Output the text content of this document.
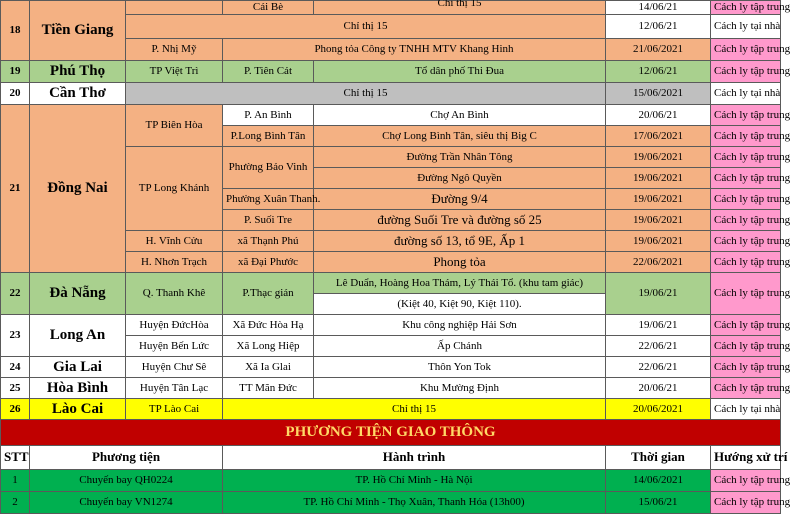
18	Tiền Giang		Cái Bè	Chỉ thị 15	14/06/21	Cách ly tập trung
		Chỉ thị 15			12/06/21	Cách ly tại nhà
		P. Nhị Mỹ	Phong tỏa Công ty TNHH MTV Khang Hinh		21/06/2021	Cách ly tập trung
19	Phú Thọ	TP Việt Trì	P. Tiên Cát	Tổ dân phố Thi Đua	12/06/21	Cách ly tập trung
20	Cần Thơ	Chỉ thị 15			15/06/2021	Cách ly tại nhà
21	Đồng Nai	TP Biên Hòa	P. An Bình	Chợ An Bình	20/06/21	Cách ly tập trung
			P.Long Bình Tân	Chợ Long Bình Tân, siêu thị Big C	17/06/2021	Cách ly tập trung
		TP Long Khánh	Phường Bảo Vinh	Đường Trần Nhân Tông	19/06/2021	Cách ly tập trung
				Đường Ngô Quyền	19/06/2021	Cách ly tập trung
			Phường Xuân Thanh.	Đường 9/4	19/06/2021	Cách ly tập trung
			P. Suối Tre	đường Suối Tre và đường số 25	19/06/2021	Cách ly tập trung
		H. Vĩnh Cửu	xã Thạnh Phú	đường số 13, tổ 9E, Ấp 1	19/06/2021	Cách ly tập trung
		H. Nhơn Trạch	xã Đại Phước	Phong tỏa	22/06/2021	Cách ly tập trung
22	Đà Nẵng	Q. Thanh Khê	P.Thạc gián	Lê Duẩn, Hoàng Hoa Thám, Lý Thái Tổ. (khu tam giác)	19/06/21	Cách ly tập trung
				(Kiệt 40, Kiệt 90, Kiệt 110).		
23	Long An	Huyện ĐứcHòa	Xã Đức Hòa Hạ	Khu công nghiệp Hải Sơn	19/06/21	Cách ly tập trung
		Huyện Bến Lức	Xã Long Hiệp	Ấp Chánh	22/06/21	Cách ly tập trung
24	Gia Lai	Huyện Chư Sê	Xã Ia Glai	Thôn Yon Tok	22/06/21	Cách ly tập trung
25	Hòa Bình	Huyện Tân Lạc	TT Mãn Đức	Khu Mường Định	20/06/21	Cách ly tập trung
26	Lào Cai	TP Lào Cai	Chỉ thị 15		20/06/2021	Cách ly tại nhà
PHƯƠNG TIỆN GIAO THÔNG						
STT	Phương tiện		Hành trình		Thời gian	Hướng xử trí
1	Chuyến bay QH0224		TP. Hồ Chí Minh - Hà Nội		14/06/2021	Cách ly tập trung
2	Chuyến bay VN1274		TP. Hồ Chí Minh - Thọ Xuân, Thanh Hóa (13h00)		15/06/21	Cách ly tập trung
